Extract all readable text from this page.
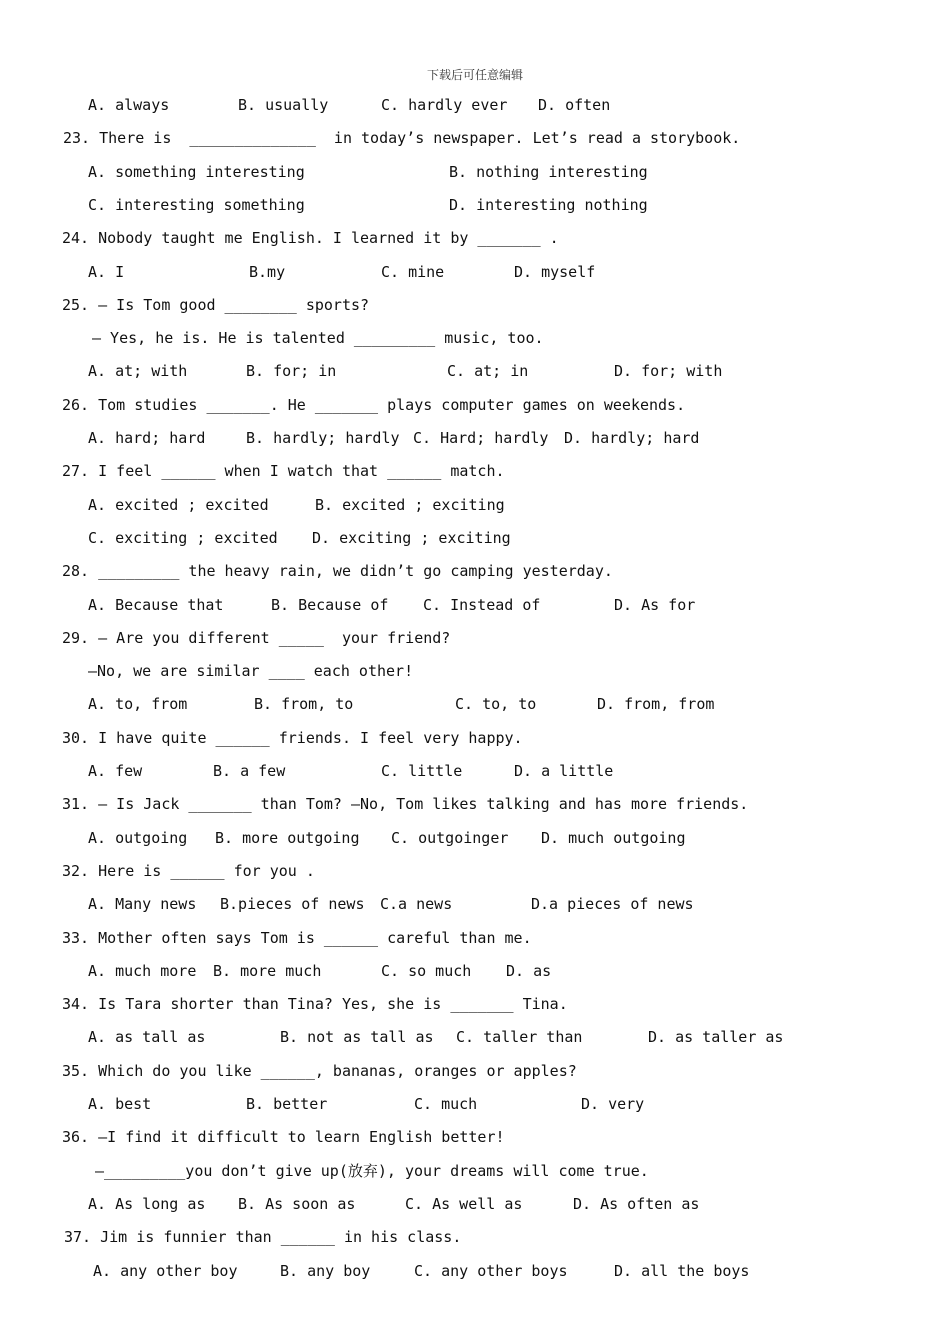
下载后可任意编辑
A. always	B. usually	C. hardly ever D. often
23. There is  ______________  in today’s newspaper. Let’s read a storybook.
A. something interesting	B. nothing interesting
C. interesting something	D. interesting nothing
24. Nobody taught me English. I learned it by _______ .
A. I	B.my	C. mine	D. myself
25. — Is Tom good ________ sports?
— Yes, he is. He is talented _________ music, too.
A. at; with	B. for; in	C. at; in	D. for; with
26. Tom studies _______. He _______ plays computer games on weekends.
A. hard; hard	B. hardly; hardly C. Hard; hardly D. hardly; hard
27. I feel ______ when I watch that ______ match.
A. excited ; excited	B. excited ; exciting
C. exciting ; excited D. exciting ; exciting
28. _________ the heavy rain, we didn’t go camping yesterday.
A. Because that	B. Because of C. Instead of	D. As for
29. — Are you different _____  your friend?
—No, we are similar ____ each other!
A. to, from	B. from, to	C. to, to	D. from, from
30. I have quite ______ friends. I feel very happy.
A. few	B. a few	C. little	D. a little
31. — Is Jack _______ than Tom? —No, Tom likes talking and has more friends.
A. outgoing B. more outgoing C. outgoinger D. much outgoing
32. Here is ______ for you .
A. Many news B.pieces of news C.a news	D.a pieces of news
33. Mother often says Tom is ______ careful than me.
A. much more B. more much	C. so much D. as
34. Is Tara shorter than Tina? Yes, she is _______ Tina.
A. as tall as	B. not as tall as C. taller than	D. as taller as
35. Which do you like ______, bananas, oranges or apples?
A. best	B. better	C. much	D. very
36. —I find it difficult to learn English better!
—_________you don’t give up(放弃), your dreams will come true.
A. As long as B. As soon as	C. As well as	D. As often as
37. Jim is funnier than ______ in his class.
A. any other boy	B. any boy	C. any other boys	D. all the boys
